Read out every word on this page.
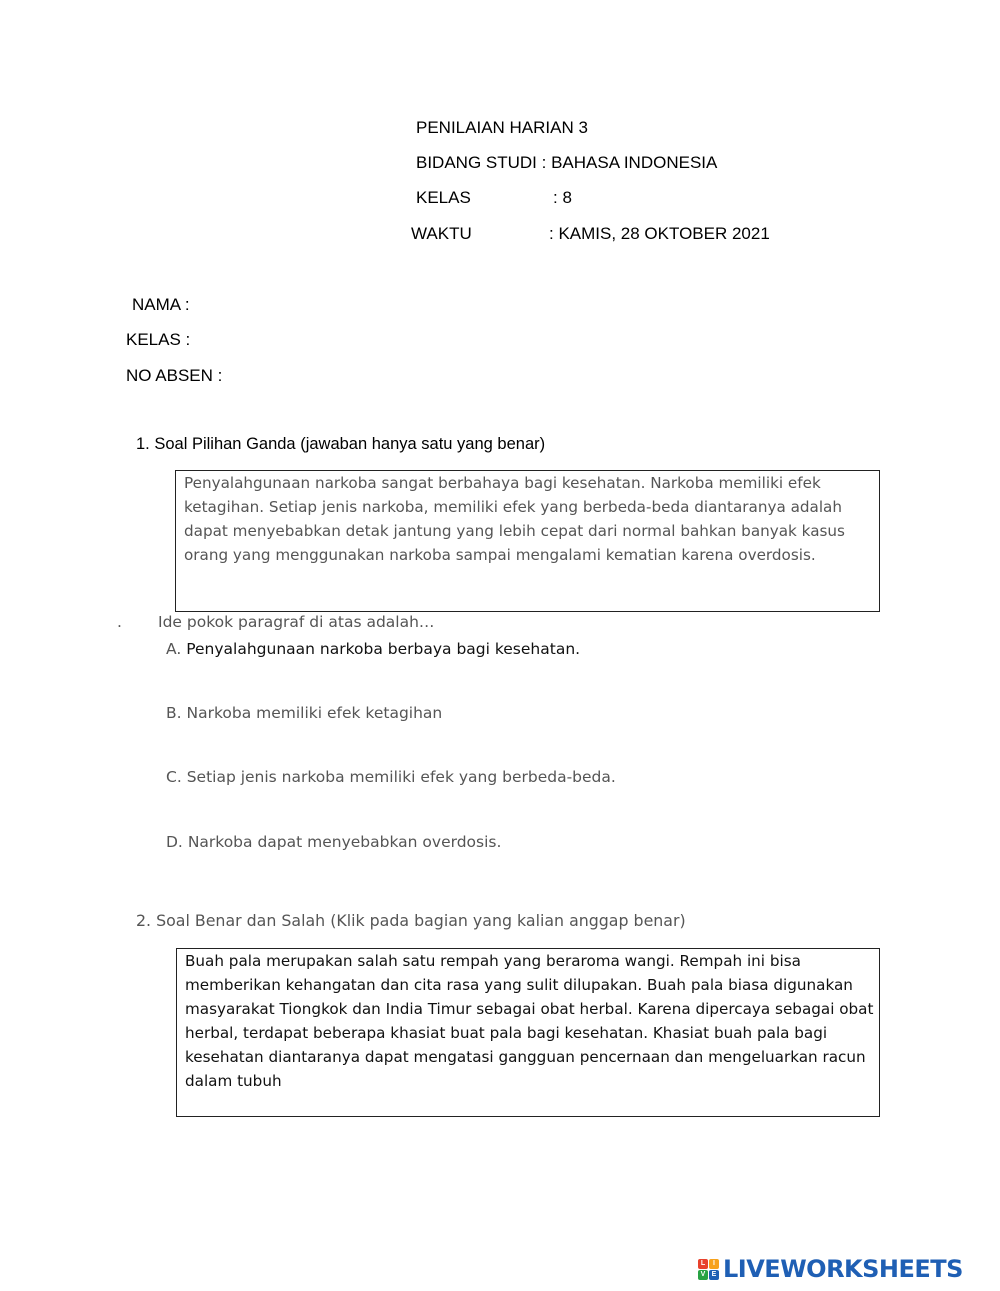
PENILAIAN HARIAN 3
BIDANG STUDI : BAHASA INDONESIA
KELAS	: 8
WAKTU	: KAMIS, 28 OKTOBER 2021
NAMA :
KELAS :
NO ABSEN :
1. Soal Pilihan Ganda (jawaban hanya satu yang benar)
Penyalahgunaan narkoba sangat berbahaya bagi kesehatan. Narkoba memiliki efek ketagihan. Setiap jenis narkoba, memiliki efek yang berbeda-beda diantaranya adalah dapat menyebabkan detak jantung yang lebih cepat dari normal bahkan banyak kasus orang yang menggunakan narkoba sampai mengalami kematian karena overdosis.
. Ide pokok paragraf di atas adalah…
A. Penyalahgunaan narkoba berbaya bagi kesehatan.
B. Narkoba memiliki efek ketagihan
C. Setiap jenis narkoba memiliki efek yang berbeda-beda.
D. Narkoba dapat menyebabkan overdosis.
2. Soal Benar dan Salah (Klik pada bagian yang kalian anggap benar)
Buah pala merupakan salah satu rempah yang beraroma wangi. Rempah ini bisa memberikan kehangatan dan cita rasa yang sulit dilupakan. Buah pala biasa digunakan masyarakat Tiongkok dan India Timur sebagai obat herbal. Karena dipercaya sebagai obat herbal, terdapat beberapa khasiat buat pala bagi kesehatan. Khasiat buah pala bagi kesehatan diantaranya dapat mengatasi gangguan pencernaan dan mengeluarkan racun dalam tubuh
L	I
V E LIVEWORKSHEETS
